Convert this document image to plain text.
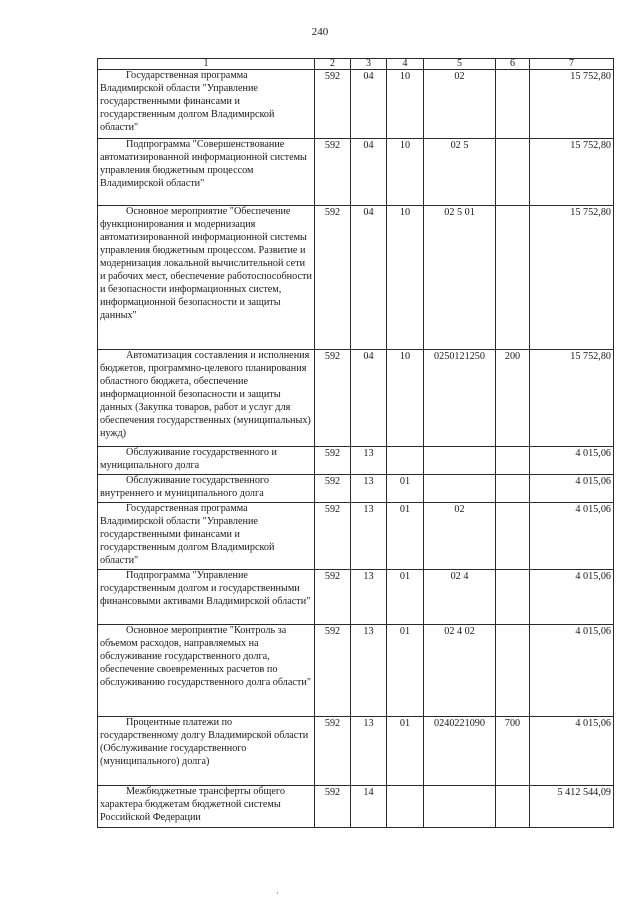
240
1	2	3	4	5	6	7
Государственная программа Владимирской области "Управление государственными финансами и государственным долгом Владимирской области"	592	04	10	02		15 752,80
Подпрограмма "Совершенствование автоматизированной информационной системы управления бюджетным процессом Владимирской области"	592	04	10	02 5		15 752,80
Основное мероприятие "Обеспечение функционирования и модернизация автоматизированной информационной системы управления бюджетным процессом. Развитие и модернизация локальной вычислительной сети и рабочих мест, обеспечение работоспособности и безопасности информационных систем, информационной безопасности и защиты данных"	592	04	10	02 5 01		15 752,80
Автоматизация составления и исполнения бюджетов, программно-целевого планирования областного бюджета, обеспечение информационной безопасности и защиты данных (Закупка товаров, работ и услуг для обеспечения государственных (муниципальных) нужд)	592	04	10	0250121250	200	15 752,80
Обслуживание государственного и муниципального долга	592	13				4 015,06
Обслуживание государственного внутреннего и муниципального долга	592	13	01			4 015,06
Государственная программа Владимирской области "Управление государственными финансами и государственным долгом Владимирской области"	592	13	01	02		4 015,06
Подпрограмма "Управление государственным долгом и государственными финансовыми активами Владимирской области"	592	13	01	02 4		4 015,06
Основное мероприятие "Контроль за объемом расходов, направляемых на обслуживание государственного долга, обеспечение своевременных расчетов по обслуживанию государственного долга области"	592	13	01	02 4 02		4 015,06
Процентные платежи по государственному долгу Владимирской области (Обслуживание государственного (муниципального) долга)	592	13	01	0240221090	700	4 015,06
Межбюджетные трансферты общего характера бюджетам бюджетной системы Российской Федерации	592	14				5 412 544,09
·
